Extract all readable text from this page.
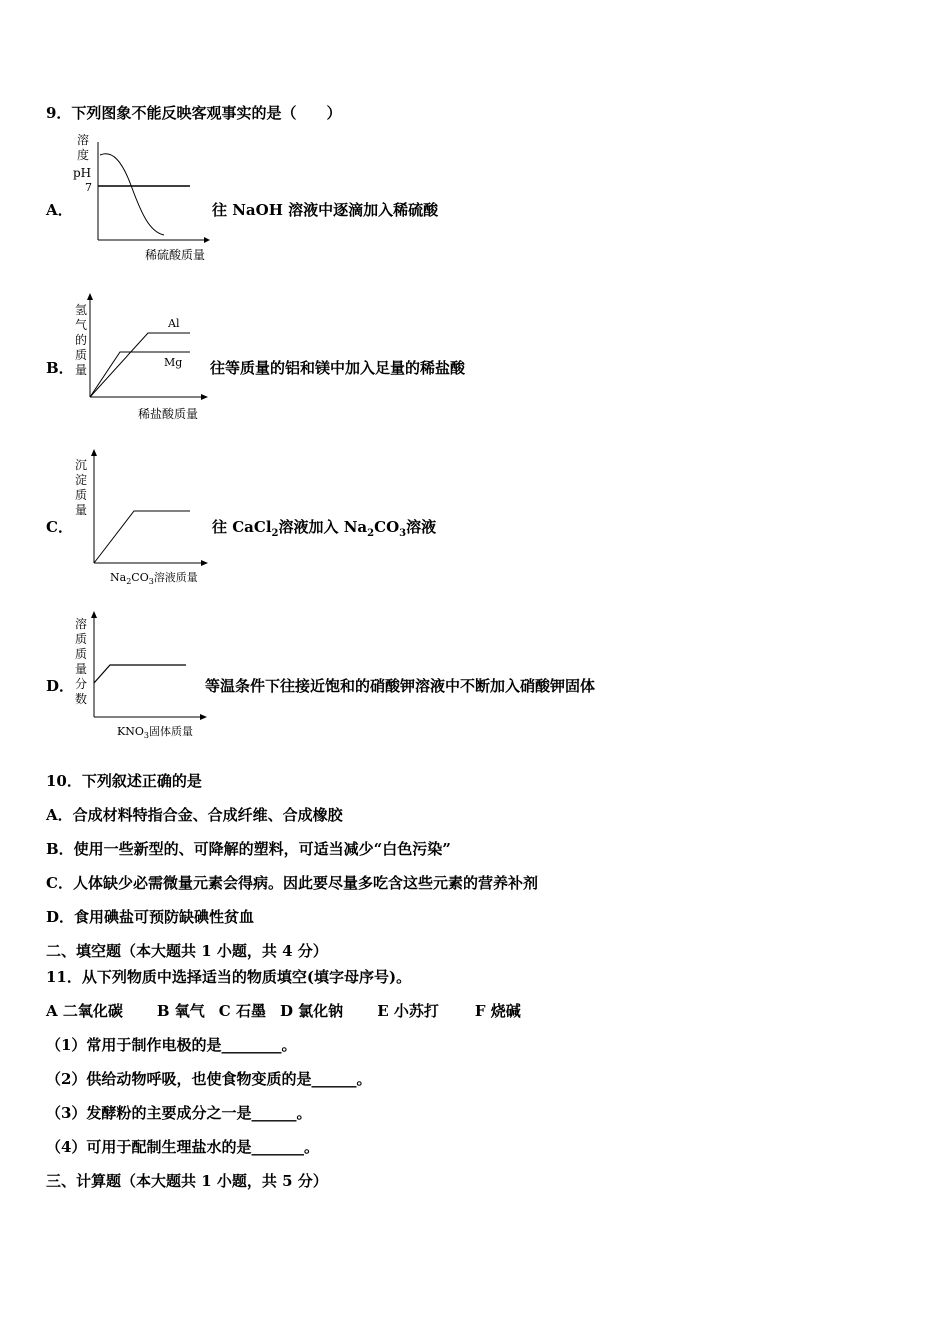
9．下列图象不能反映客观事实的是（　　）
A．
溶
度
pH
7
稀硫酸质量
往 NaOH 溶液中逐滴加入稀硫酸
B．
氢
气
的
质
量
Al
Mg
稀盐酸质量
往等质量的铝和镁中加入足量的稀盐酸
C．
沉
淀
质
量
$Na_2CO_3$溶液质量
往 CaCl$_2$溶液加入 $Na_2CO_3$溶液
D．
溶
质
质
量
分
数
$KNO_3$固体质量
等温条件下往接近饱和的硝酸钾溶液中不断加入硝酸钾固体
10．下列叙述正确的是
A．合成材料特指合金、合成纤维、合成橡胶
B．使用一些新型的、可降解的塑料，可适当减少“白色污染”
C．人体缺少必需微量元素会得病。因此要尽量多吃含这些元素的营养补剂
D．食用碘盐可预防缺碘性贫血
二、填空题（本大题共 1 小题，共 4 分）
11．从下列物质中选择适当的物质填空(填字母序号)。
A 二氧化碳 B 氧气 C 石墨 D 氯化钠 E 小苏打 F 烧碱
（1）常用于制作电极的是________。
（2）供给动物呼吸，也使食物变质的是______。
（3）发酵粉的主要成分之一是______。
（4）可用于配制生理盐水的是_______。
三、计算题（本大题共 1 小题，共 5 分）
